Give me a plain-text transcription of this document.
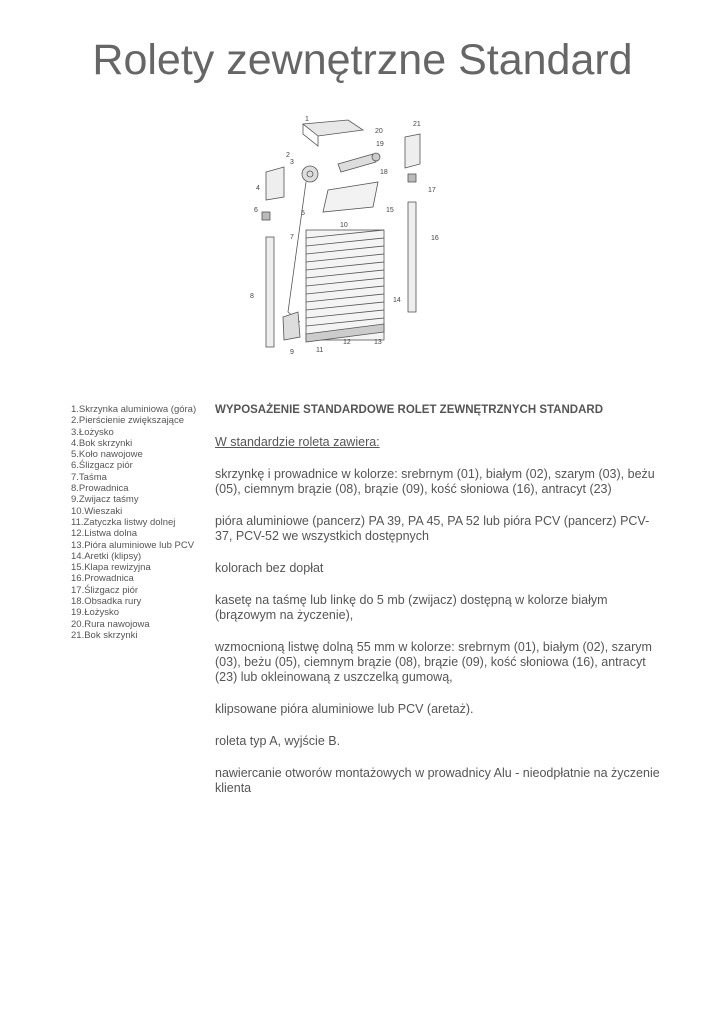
Rolety zewnętrzne Standard
1
2
3
4
5
6
7
8
9
10
11
12	13
14
15
16
17
18
19
20
21
1.Skrzynka aluminiowa (góra)
2.Pierścienie zwiększające
3.Łożysko
4.Bok skrzynki
5.Koło nawojowe
6.Ślizgacz piór
7.Taśma
8.Prowadnica
9.Zwijacz taśmy
10.Wieszaki
11.Zatyczka listwy dolnej
12.Listwa dolna
13.Pióra aluminiowe lub PCV
14.Aretki (klipsy)
15.Klapa rewizyjna
16.Prowadnica
17.Ślizgacz piór
18.Obsadka rury
19.Łożysko
20.Rura nawojowa
21.Bok skrzynki
WYPOSAŻENIE STANDARDOWE ROLET ZEWNĘTRZNYCH STANDARD
W standardzie roleta zawiera:
skrzynkę i prowadnice w kolorze: srebrnym (01), białym (02), szarym (03), beżu (05), ciemnym brązie (08), brązie (09), kość słoniowa (16), antracyt (23)
pióra aluminiowe (pancerz) PA 39, PA 45, PA 52 lub pióra PCV (pancerz) PCV-37, PCV-52 we wszystkich dostępnych
kolorach bez dopłat
kasetę na taśmę lub linkę do 5 mb (zwijacz) dostępną w kolorze białym (brązowym na życzenie),
wzmocnioną listwę dolną 55 mm w kolorze: srebrnym (01), białym (02), szarym (03), beżu (05), ciemnym brązie (08), brązie (09), kość słoniowa (16), antracyt (23) lub okleinowaną z uszczelką gumową,
klipsowane pióra aluminiowe lub PCV (aretaż).
roleta typ A, wyjście B.
nawiercanie otworów montażowych w prowadnicy Alu - nieodpłatnie na życzenie klienta
